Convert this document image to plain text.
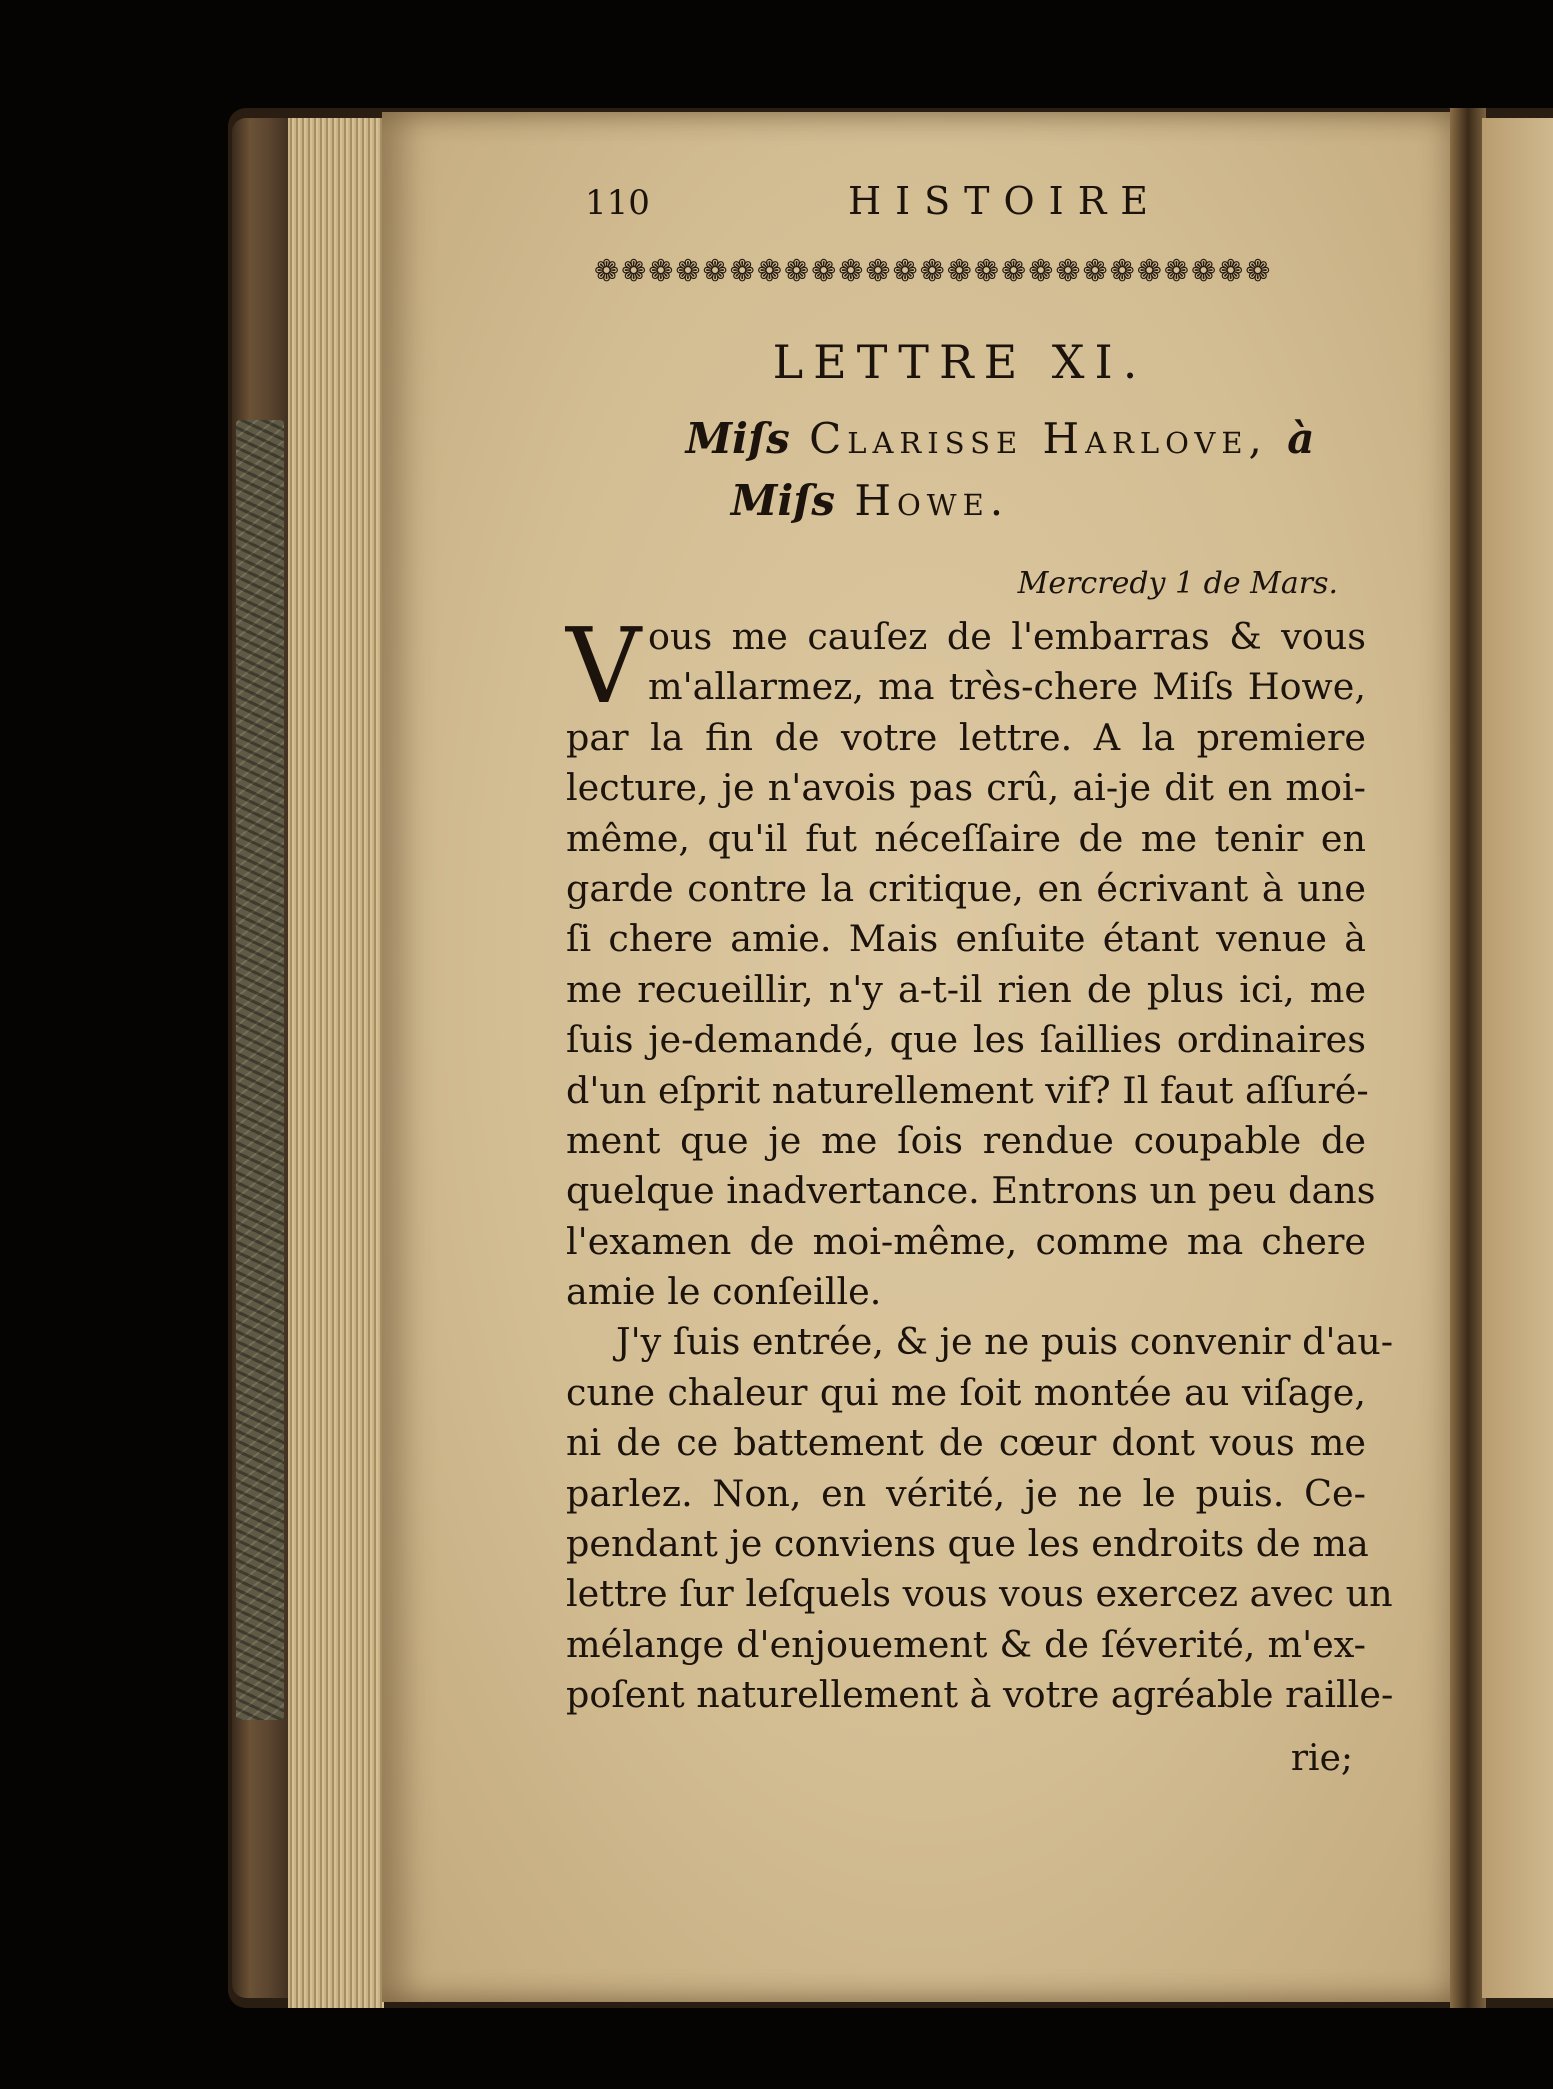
110	HISTOIRE
❁❁❁❁❁❁❁❁❁❁❁❁❁❁❁❁❁❁❁❁❁❁❁❁❁
LETTRE XI.
Miſs Clarisse Harlove, à
Miſs Howe.
Mercredy 1 de Mars.
V ous me cauſez de l'embarras & vous
m'allarmez, ma très-chere Miſs Howe,
par la fin de votre lettre. A la premiere
lecture, je n'avois pas crû, ai-je dit en moi-
même, qu'il fut néceſſaire de me tenir en
garde contre la critique, en écrivant à une
ſi chere amie. Mais enſuite étant venue à
me recueillir, n'y a-t-il rien de plus ici, me
ſuis je-demandé, que les ſaillies ordinaires
d'un eſprit naturellement vif? Il faut aſſuré-
ment que je me ſois rendue coupable de
quelque inadvertance. Entrons un peu dans
l'examen de moi-même, comme ma chere
amie le conſeille.
J'y ſuis entrée, & je ne puis convenir d'au-
cune chaleur qui me ſoit montée au viſage,
ni de ce battement de cœur dont vous me
parlez. Non, en vérité, je ne le puis. Ce-
pendant je conviens que les endroits de ma
lettre ſur leſquels vous vous exercez avec un
mélange d'enjouement & de ſéverité, m'ex-
poſent naturellement à votre agréable raille-
rie;
